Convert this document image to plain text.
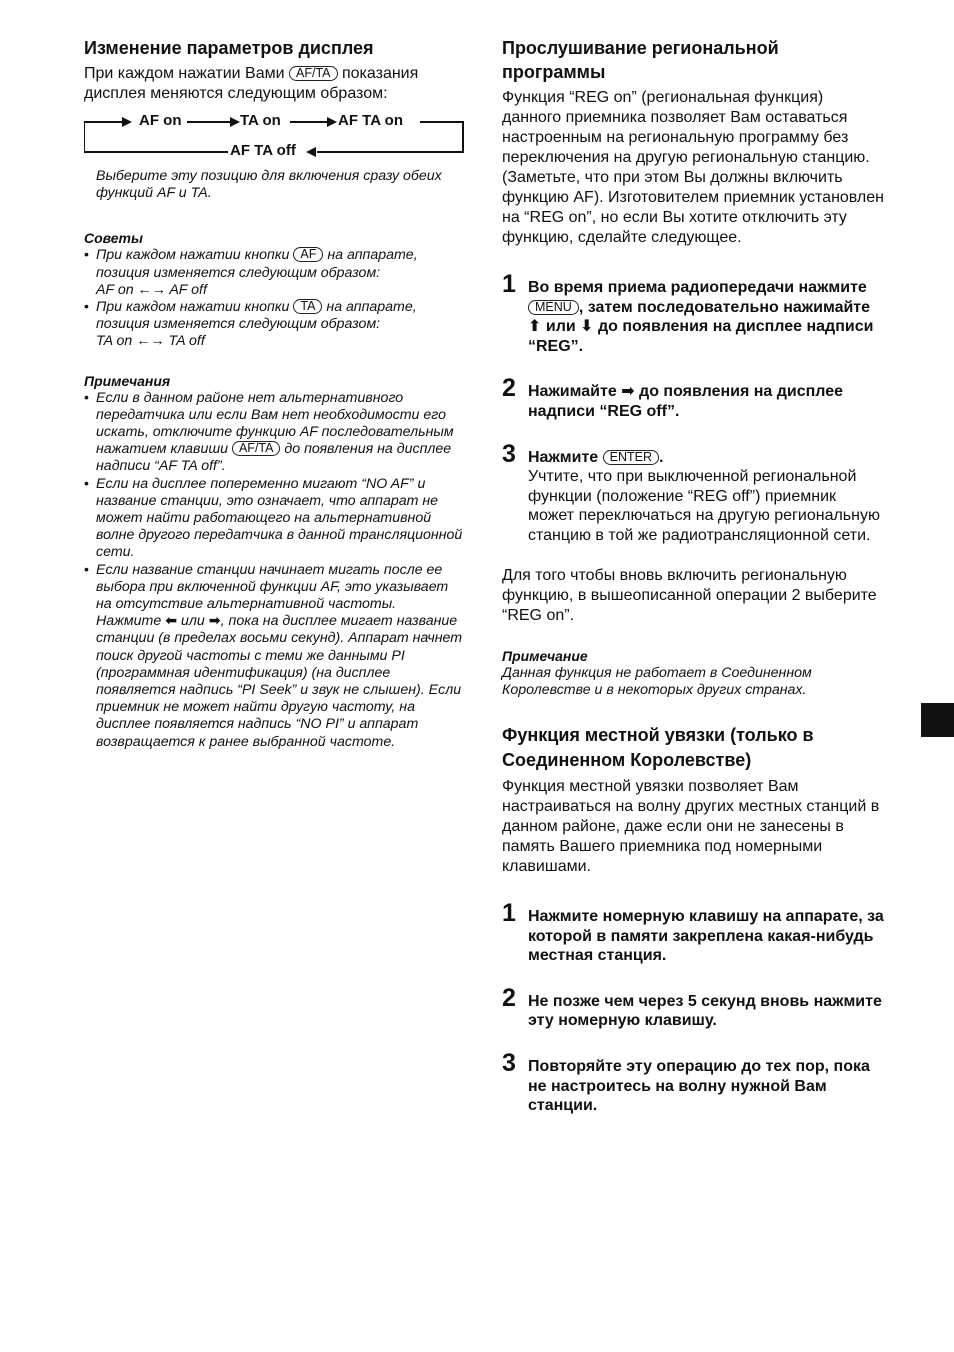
Изменение параметров дисплея

При каждом нажатии Вами AF/TA показания дисплея меняются следующим образом:

AF on	TA on	AF TA on
AF TA off

Выберите эту позицию для включения сразу обеих функций AF и TA.

Советы
• При каждом нажатии кнопки AF на аппарате, позиция изменяется следующим образом:
AF on ←→ AF off
• При каждом нажатии кнопки TA на аппарате, позиция изменяется следующим образом:
TA on ←→ TA off
Примечания
• Если в данном районе нет альтернативного передатчика или если Вам нет необходимости его искать, отключите функцию AF последовательным нажатием клавиши AF/TA до появления на дисплее надписи “AF TA off”.
• Если на дисплее попеременно мигают “NO AF” и название станции, это означает, что аппарат не может найти работающего на альтернативной волне другого передатчика в данной трансляционной сети.
• Если название станции начинает мигать после ее выбора при включенной функции AF, это указывает на отсутствие альтернативной частоты.
Нажмите ⬅ или ➡, пока на дисплее мигает название станции (в пределах восьми секунд). Аппарат начнет поиск другой частоты с теми же данными PI (программная идентификация) (на дисплее появляется надпись “PI Seek” и звук не слышен). Если приемник не может найти другую частоту, на дисплее появляется надпись “NO PI” и аппарат возвращается к ранее выбранной частоте.
Прослушивание региональной программы

Функция “REG on” (региональная функция) данного приемника позволяет Вам оставаться настроенным на региональную программу без переключения на другую региональную станцию. (Заметьте, что при этом Вы должны включить функцию AF). Изготовителем приемник установлен на “REG on”, но если Вы хотите отключить эту функцию, сделайте следующее.

1 Во время приема радиопередачи нажмите MENU , затем последовательно нажимайте ⬆ или ⬇ до появления на дисплее надписи “REG”.
2 Нажимайте ➡ до появления на дисплее надписи “REG off”.
3 Нажмите ENTER .
Учтите, что при выключенной региональной функции (положение “REG off”) приемник может переключаться на другую региональную станцию в той же радиотрансляционной сети.

Для того чтобы вновь включить региональную функцию, в вышеописанной операции 2 выберите “REG on”.

Примечание

Данная функция не работает в Соединенном Королевстве и в некоторых других странах.

Функция местной увязки (только в Соединенном Королевстве)

Функция местной увязки позволяет Вам настраиваться на волну других местных станций в данном районе, даже если они не занесены в память Вашего приемника под номерными клавишами.

1 Нажмите номерную клавишу на аппарате, за которой в памяти закреплена какая-нибудь местная станция.
2 Не позже чем через 5 секунд вновь нажмите эту номерную клавишу.
3 Повторяйте эту операцию до тех пор, пока не настроитесь на волну нужной Вам станции.
